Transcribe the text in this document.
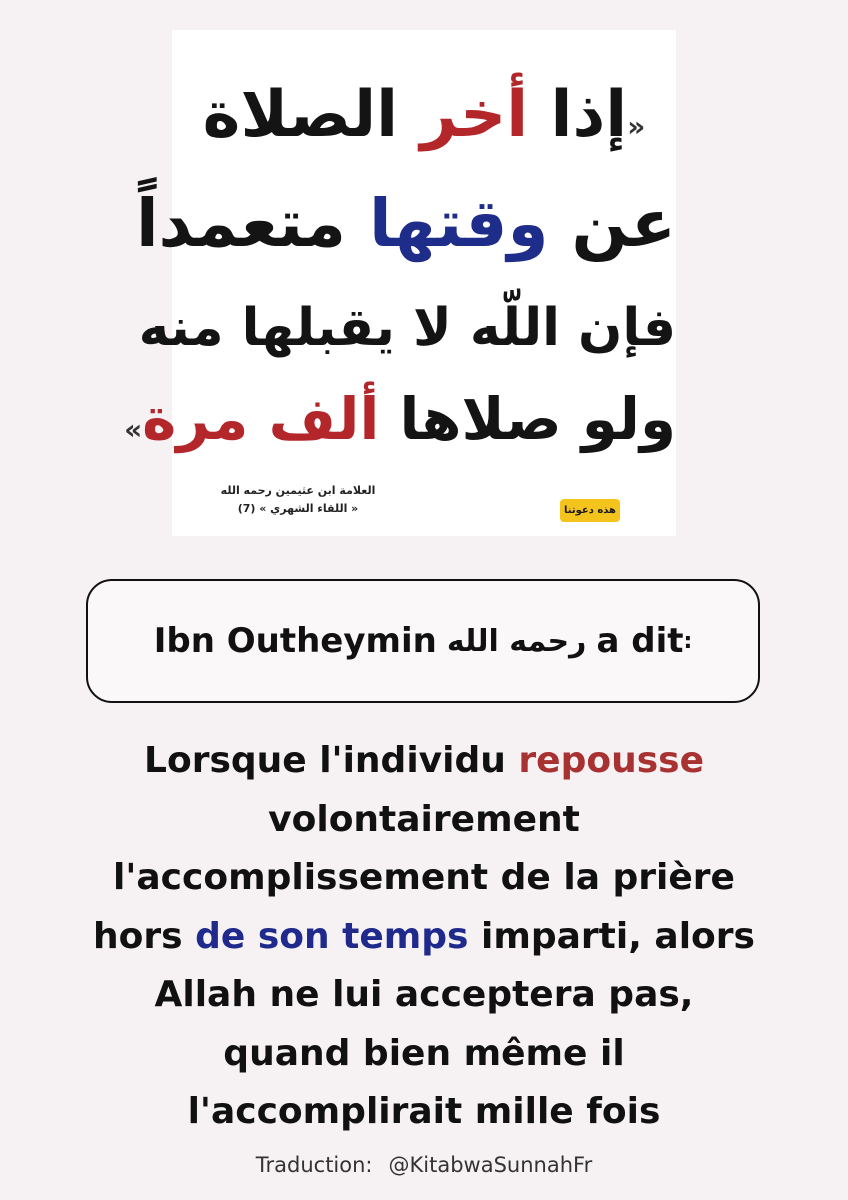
«إذا أخر الصلاة
عن وقتها متعمداً
فإن اللّه لا يقبلها منه
ولو صلاها ألف مرة»
العلامة ابن عثيمين رحمه الله
« اللقاء الشهري » (7)	هذه دعوتنا
Ibn Outheymin رحمه الله a dit :
Lorsque l'individu repousse
volontairement
l'accomplissement de la prière
hors de son temps imparti, alors
Allah ne lui acceptera pas,
quand bien même il
l'accomplirait mille fois
Traduction: @KitabwaSunnahFr
